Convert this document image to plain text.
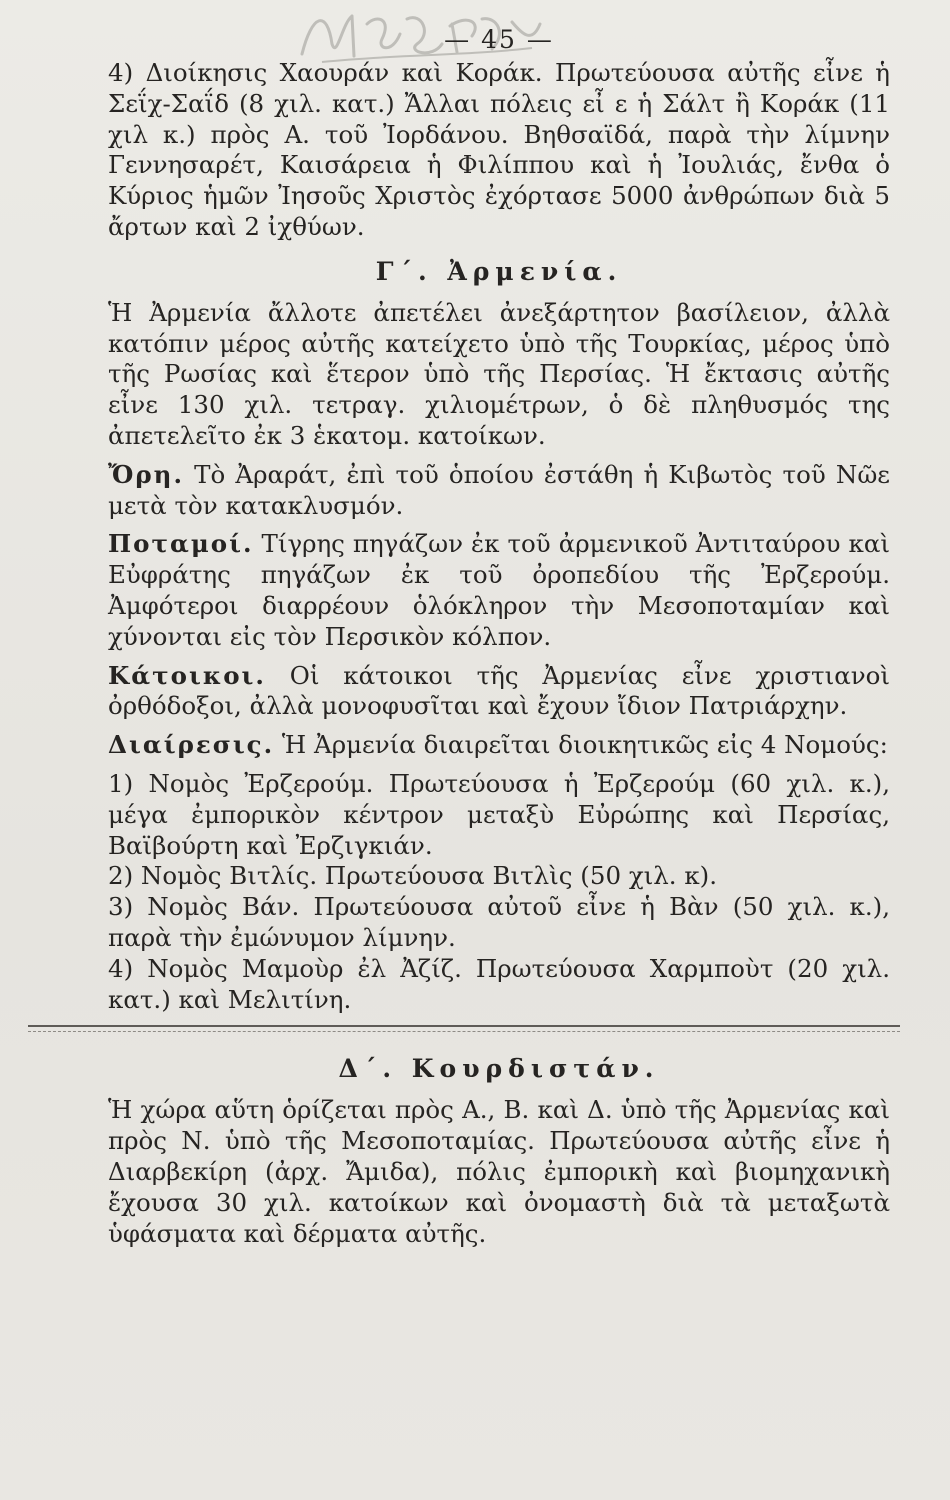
— 45 —

4) Διοίκησις Χαουράν καὶ Κοράκ. Πρωτεύουσα αὐτῆς εἶνε ἡ Σεΐχ-Σαΐδ (8 χιλ. κατ.) Ἄλλαι πόλεις εἶ ε ἡ Σάλτ ἢ Κοράκ (11 χιλ κ.) πρὸς Α. τοῦ Ἰορδάνου. Βηθσαϊδά, παρὰ τὴν λίμνην Γεννησαρέτ, Καισάρεια ἡ Φιλίππου καὶ ἡ Ἰουλιάς, ἔνθα ὁ Κύριος ἡμῶν Ἰησοῦς Χριστὸς ἐχόρτασε 5000 ἀνθρώπων διὰ 5 ἄρτων καὶ 2 ἰχθύων.

Γ΄. Ἀρμενία.

Ἡ Ἀρμενία ἄλλοτε ἀπετέλει ἀνεξάρτητον βασίλειον, ἀλλὰ κατόπιν μέρος αὐτῆς κατείχετο ὑπὸ τῆς Τουρκίας, μέρος ὑπὸ τῆς Ρωσίας καὶ ἕτερον ὑπὸ τῆς Περσίας. Ἡ ἔκτασις αὐτῆς εἶνε 130 χιλ. τετραγ. χιλιομέτρων, ὁ δὲ πληθυσμός της ἀπετελεῖτο ἐκ 3 ἑκατομ. κατοίκων.

Ὄρη. Τὸ Ἀραράτ, ἐπὶ τοῦ ὁποίου ἐστάθη ἡ Κιβωτὸς τοῦ Νῶε μετὰ τὸν κατακλυσμόν.

Ποταμοί. Τίγρης πηγάζων ἐκ τοῦ ἀρμενικοῦ Ἀντιταύρου καὶ Εὐφράτης πηγάζων ἐκ τοῦ ὀροπεδίου τῆς Ἐρζερούμ. Ἀμφότεροι διαρρέουν ὁλόκληρον τὴν Μεσοποταμίαν καὶ χύνονται εἰς τὸν Περσικὸν κόλπον.

Κάτοικοι. Οἱ κάτοικοι τῆς Ἀρμενίας εἶνε χριστιανοὶ ὀρθόδοξοι, ἀλλὰ μονοφυσῖται καὶ ἔχουν ἴδιον Πατριάρχην.

Διαίρεσις. Ἡ Ἀρμενία διαιρεῖται διοικητικῶς εἰς 4 Νομούς:

1) Νομὸς Ἐρζερούμ. Πρωτεύουσα ἡ Ἐρζερούμ (60 χιλ. κ.), μέγα ἐμπορικὸν κέντρον μεταξὺ Εὐρώπης καὶ Περσίας, Βαϊβούρτη καὶ Ἐρζιγκιάν.

2) Νομὸς Βιτλίς. Πρωτεύουσα Βιτλὶς (50 χιλ. κ).

3) Νομὸς Βάν. Πρωτεύουσα αὐτοῦ εἶνε ἡ Βὰν (50 χιλ. κ.), παρὰ τὴν ἐμώνυμον λίμνην.

4) Νομὸς Μαμοὺρ ἐλ Ἀζίζ. Πρωτεύουσα Χαρμποὺτ (20 χιλ. κατ.) καὶ Μελιτίνη.

Δ΄. Κουρδιστάν.

Ἡ χώρα αὕτη ὁρίζεται πρὸς Α., Β. καὶ Δ. ὑπὸ τῆς Ἀρμενίας καὶ πρὸς Ν. ὑπὸ τῆς Μεσοποταμίας. Πρωτεύουσα αὐτῆς εἶνε ἡ Διαρβεκίρη (ἀρχ. Ἄμιδα), πόλις ἐμπορικὴ καὶ βιομηχανικὴ ἔχουσα 30 χιλ. κατοίκων καὶ ὀνομαστὴ διὰ τὰ μεταξωτὰ ὑφάσματα καὶ δέρματα αὐτῆς.
